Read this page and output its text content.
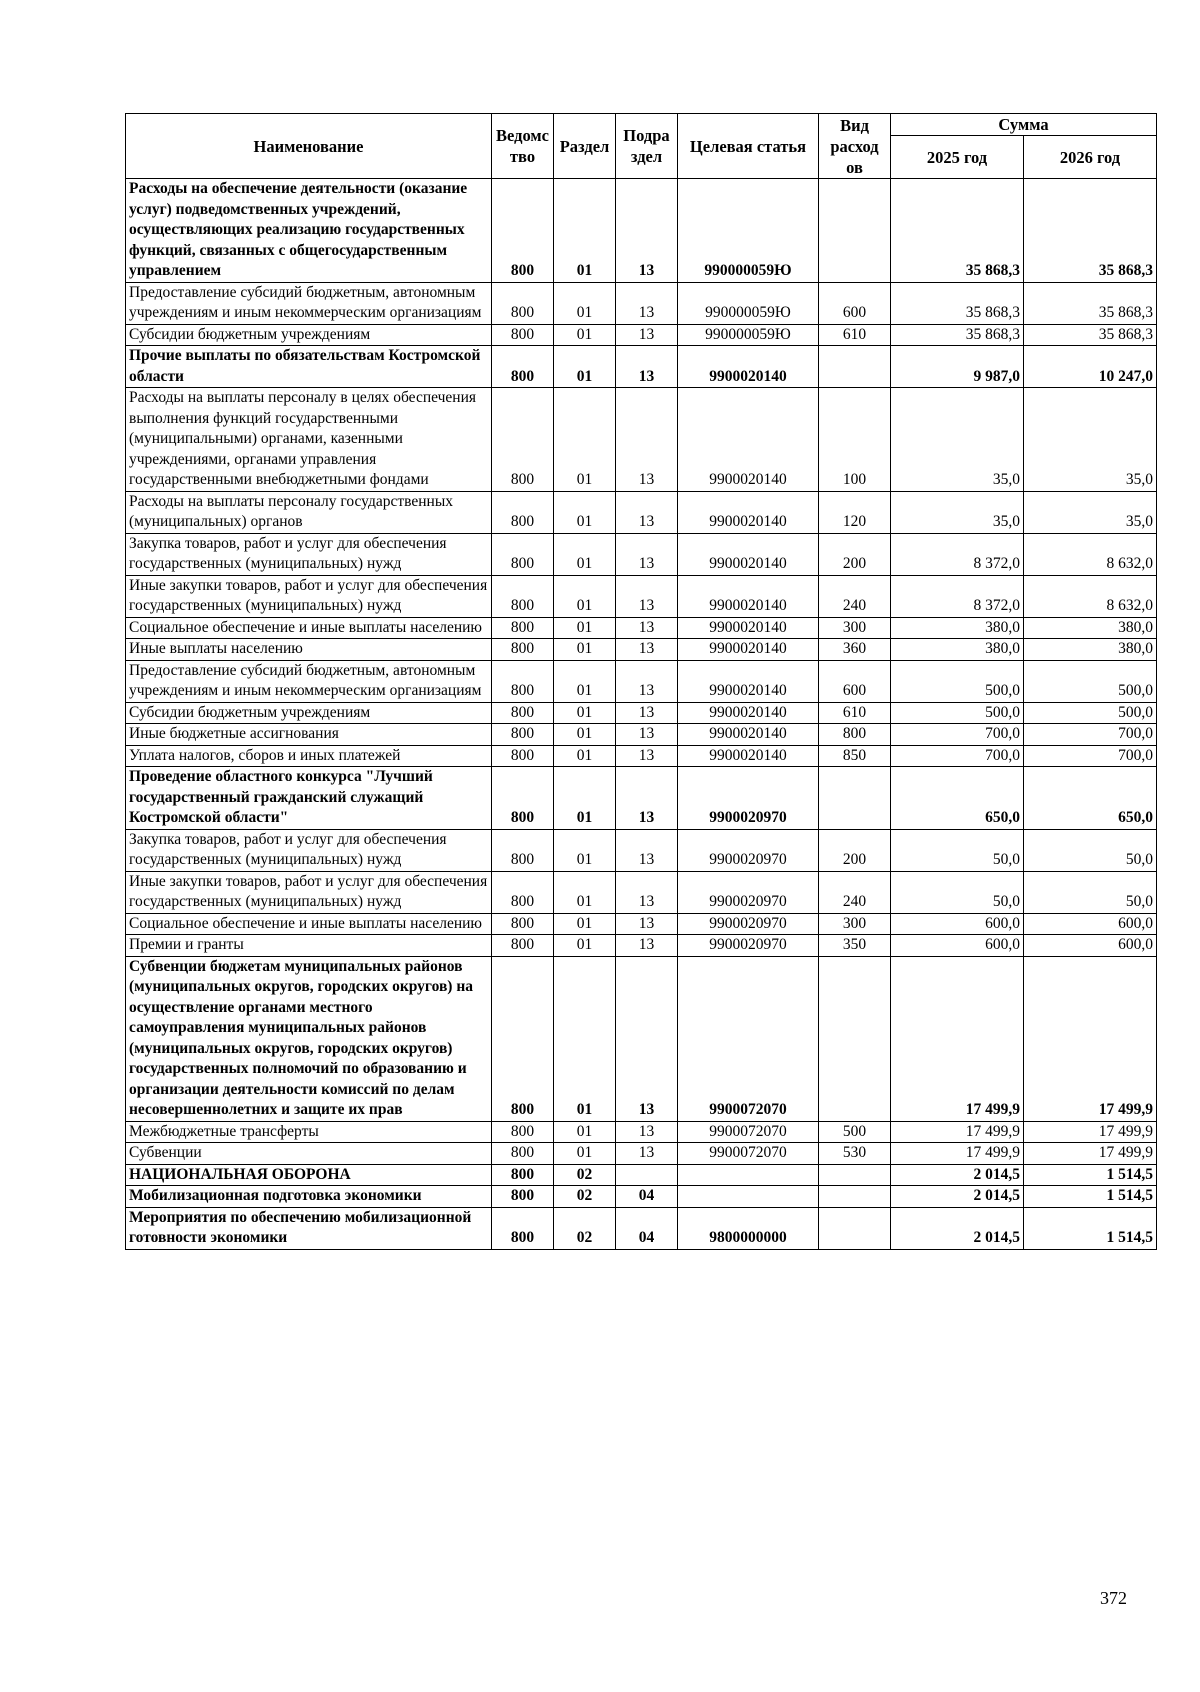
Наименование	Ведомс тво	Раздел	Подра здел	Целевая статья	Вид расход ов	Сумма	
						2025 год	2026 год
Расходы на обеспечение деятельности (оказание услуг) подведомственных учреждений, осуществляющих реализацию государственных функций, связанных с общегосударственным управлением	800	01	13	990000059Ю		35 868,3	35 868,3
Предоставление субсидий бюджетным, автономным учреждениям и иным некоммерческим организациям	800	01	13	990000059Ю	600	35 868,3	35 868,3
Субсидии бюджетным учреждениям	800	01	13	990000059Ю	610	35 868,3	35 868,3
Прочие выплаты по обязательствам Костромской области	800	01	13	9900020140		9 987,0	10 247,0
Расходы на выплаты персоналу в целях обеспечения выполнения функций государственными (муниципальными) органами, казенными учреждениями, органами управления государственными внебюджетными фондами	800	01	13	9900020140	100	35,0	35,0
Расходы на выплаты персоналу государственных (муниципальных) органов	800	01	13	9900020140	120	35,0	35,0
Закупка товаров, работ и услуг для обеспечения государственных (муниципальных) нужд	800	01	13	9900020140	200	8 372,0	8 632,0
Иные закупки товаров, работ и услуг для обеспечения государственных (муниципальных) нужд	800	01	13	9900020140	240	8 372,0	8 632,0
Социальное обеспечение и иные выплаты населению	800	01	13	9900020140	300	380,0	380,0
Иные выплаты населению	800	01	13	9900020140	360	380,0	380,0
Предоставление субсидий бюджетным, автономным учреждениям и иным некоммерческим организациям	800	01	13	9900020140	600	500,0	500,0
Субсидии бюджетным учреждениям	800	01	13	9900020140	610	500,0	500,0
Иные бюджетные ассигнования	800	01	13	9900020140	800	700,0	700,0
Уплата налогов, сборов и иных платежей	800	01	13	9900020140	850	700,0	700,0
Проведение областного конкурса "Лучший государственный гражданский служащий Костромской области"	800	01	13	9900020970		650,0	650,0
Закупка товаров, работ и услуг для обеспечения государственных (муниципальных) нужд	800	01	13	9900020970	200	50,0	50,0
Иные закупки товаров, работ и услуг для обеспечения государственных (муниципальных) нужд	800	01	13	9900020970	240	50,0	50,0
Социальное обеспечение и иные выплаты населению	800	01	13	9900020970	300	600,0	600,0
Премии и гранты	800	01	13	9900020970	350	600,0	600,0
Субвенции бюджетам муниципальных районов (муниципальных округов, городских округов) на осуществление органами местного самоуправления муниципальных районов (муниципальных округов, городских округов) государственных полномочий по образованию и организации деятельности комиссий по делам несовершеннолетних и защите их прав	800	01	13	9900072070		17 499,9	17 499,9
Межбюджетные трансферты	800	01	13	9900072070	500	17 499,9	17 499,9
Субвенции	800	01	13	9900072070	530	17 499,9	17 499,9
НАЦИОНАЛЬНАЯ ОБОРОНА	800	02				2 014,5	1 514,5
Мобилизационная подготовка экономики	800	02	04			2 014,5	1 514,5
Мероприятия по обеспечению мобилизационной готовности экономики	800	02	04	9800000000		2 014,5	1 514,5
372
